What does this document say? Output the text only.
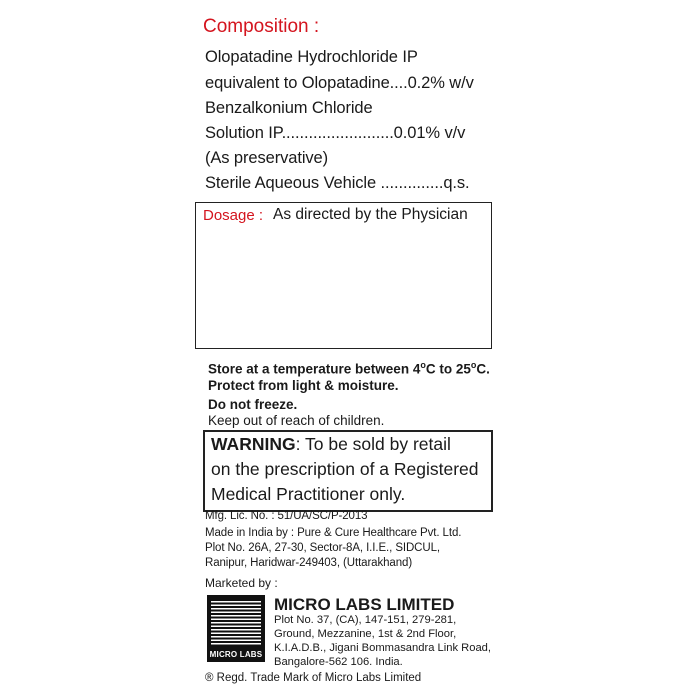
Composition :
Olopatadine Hydrochloride IP
equivalent to Olopatadine....0.2% w/v
Benzalkonium Chloride
Solution IP.........................0.01% v/v
(As preservative)
Sterile Aqueous Vehicle ..............q.s.
Dosage : As directed by the Physician
Store at a temperature between 4$^o$C to 25$^o$C.
Protect from light & moisture.
Do not freeze.
Keep out of reach of children.
WARNING: To be sold by retail
on the prescription of a Registered
Medical Practitioner only.
Mfg. Lic. No. : 51/UA/SC/P-2013
Made in India by : Pure & Cure Healthcare Pvt. Ltd.
Plot No. 26A, 27-30, Sector-8A, I.I.E., SIDCUL,
Ranipur, Haridwar-249403, (Uttarakhand)
Marketed by :
MICRO LABS
MICRO LABS LIMITED
Plot No. 37, (CA), 147-151, 279-281,
Ground, Mezzanine, 1st & 2nd Floor,
K.I.A.D.B., Jigani Bommasandra Link Road,
Bangalore-562 106. India.
® Regd. Trade Mark of Micro Labs Limited
